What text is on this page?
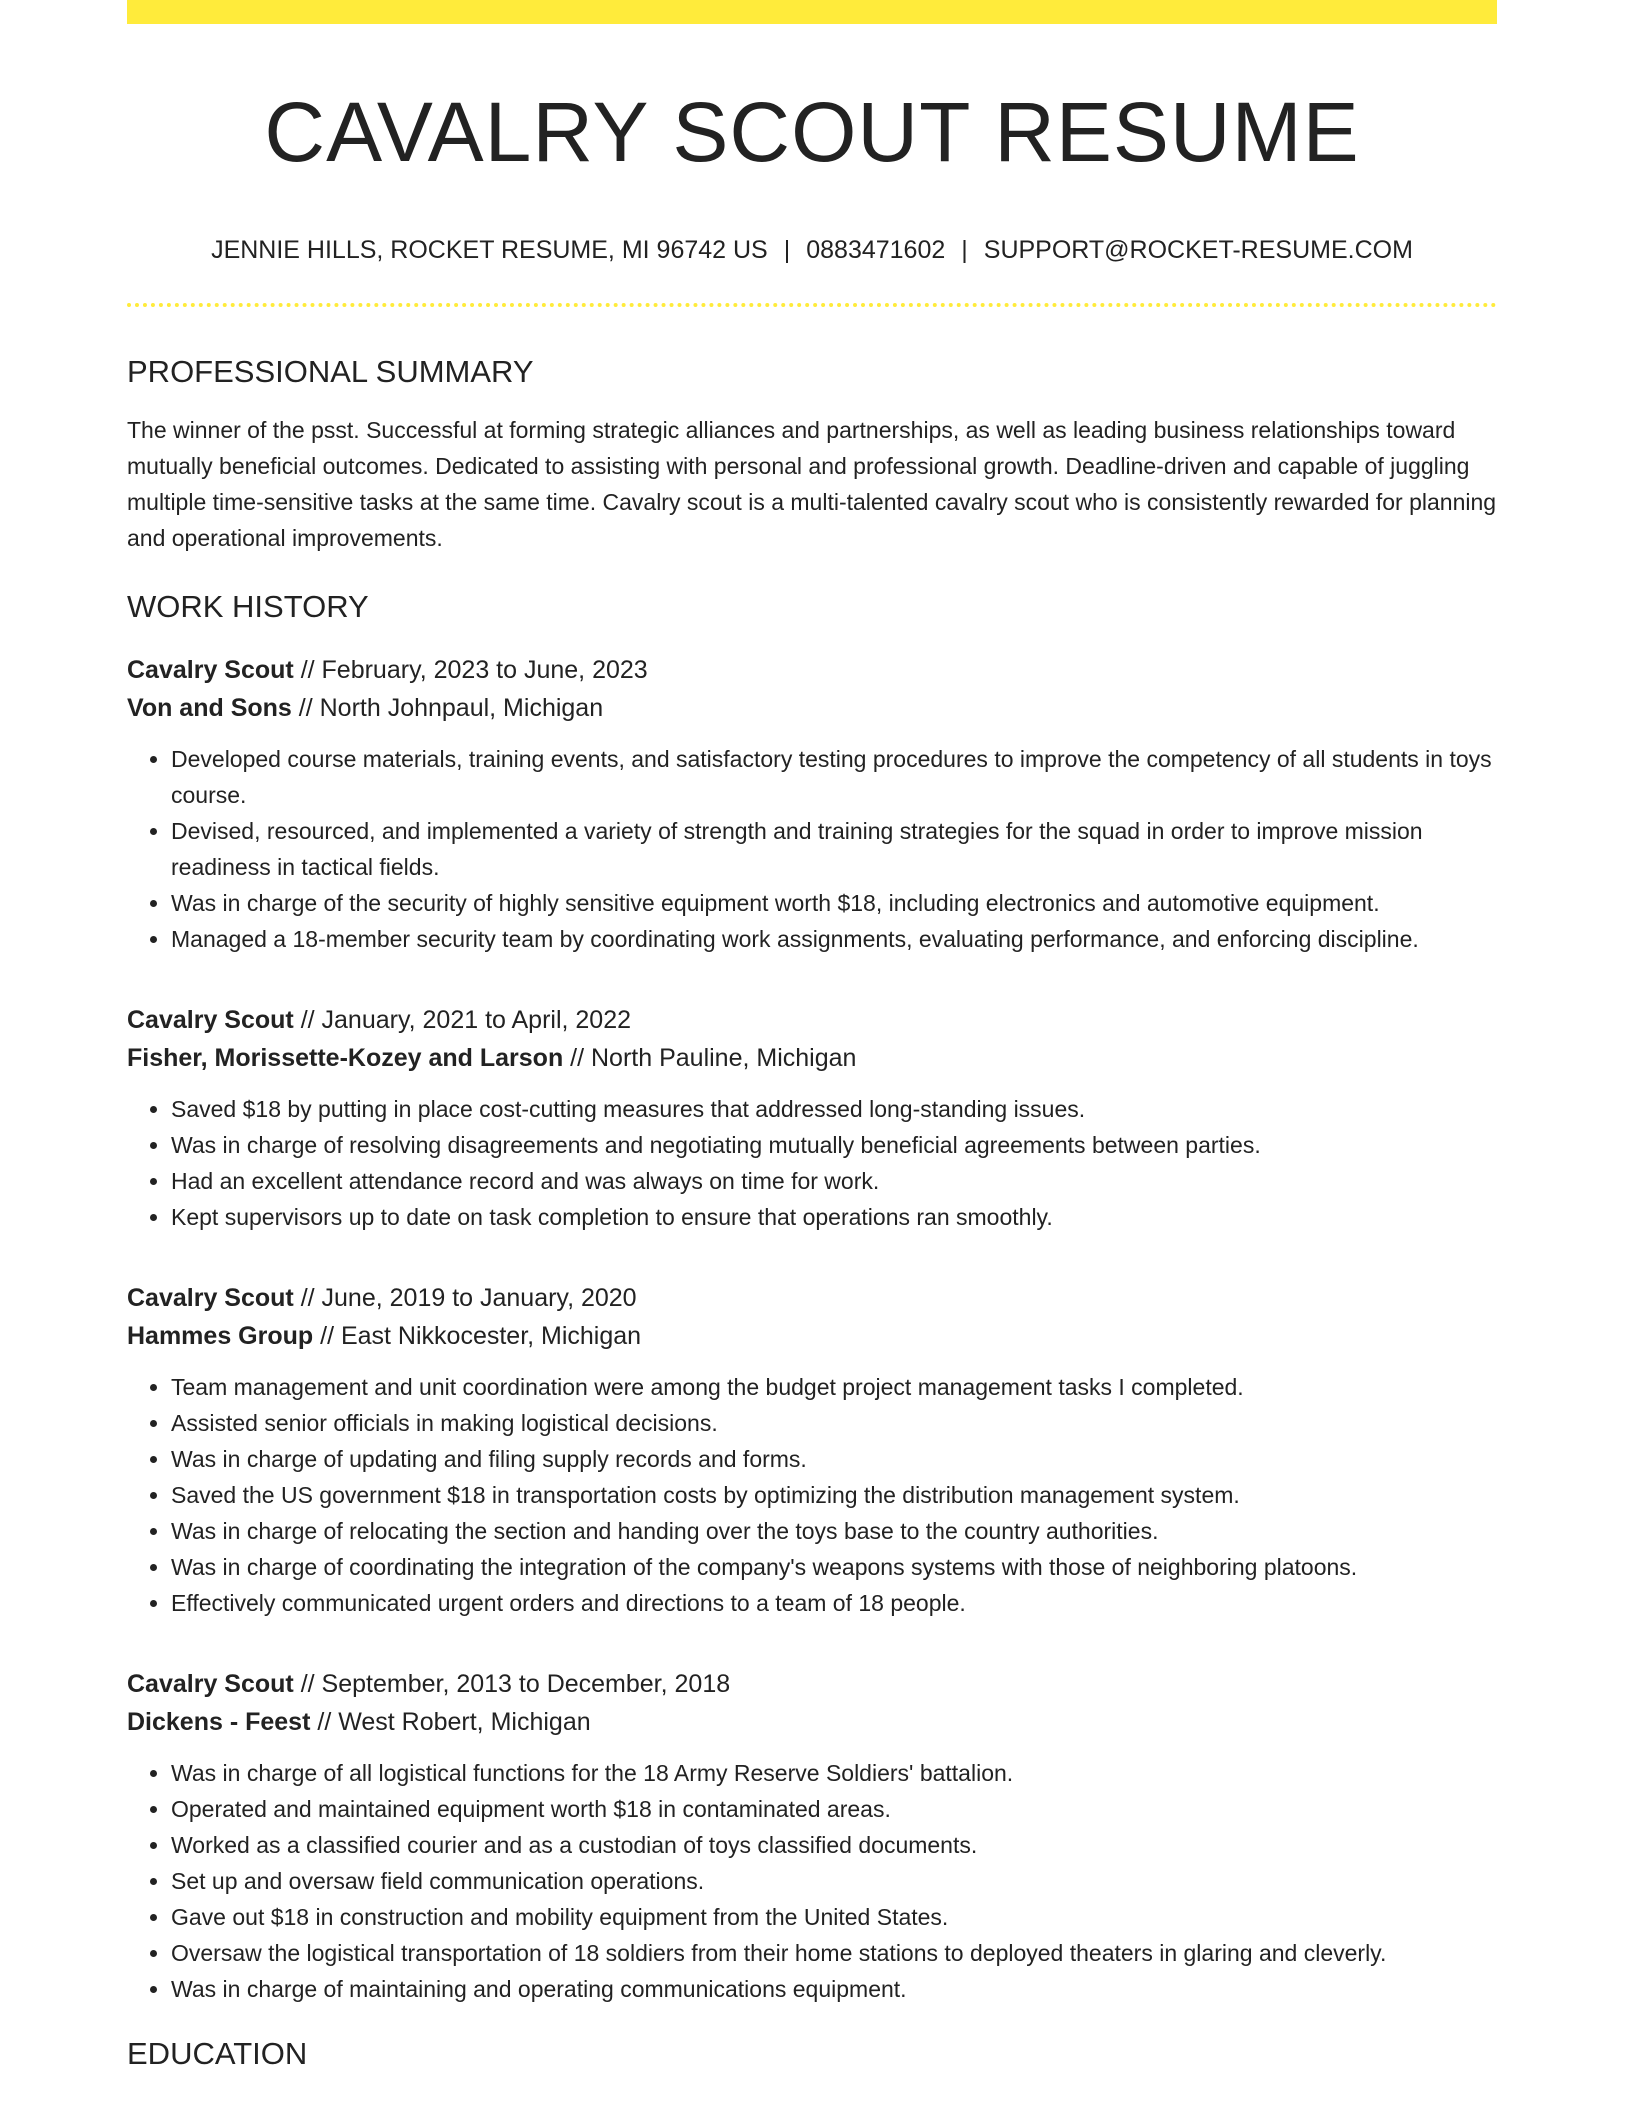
CAVALRY SCOUT RESUME
JENNIE HILLS, ROCKET RESUME, MI 96742 US | 0883471602 | SUPPORT@ROCKET-RESUME.COM
PROFESSIONAL SUMMARY

The winner of the psst. Successful at forming strategic alliances and partnerships, as well as leading business relationships toward mutually beneficial outcomes. Dedicated to assisting with personal and professional growth. Deadline-driven and capable of juggling multiple time-sensitive tasks at the same time. Cavalry scout is a multi-talented cavalry scout who is consistently rewarded for planning and operational improvements.

WORK HISTORY
Cavalry Scout // February, 2023 to June, 2023
Von and Sons // North Johnpaul, Michigan
• Developed course materials, training events, and satisfactory testing procedures to improve the competency of all students in toys course.
• Devised, resourced, and implemented a variety of strength and training strategies for the squad in order to improve mission readiness in tactical fields.
• Was in charge of the security of highly sensitive equipment worth $18, including electronics and automotive equipment.
• Managed a 18-member security team by coordinating work assignments, evaluating performance, and enforcing discipline.
Cavalry Scout // January, 2021 to April, 2022
Fisher, Morissette-Kozey and Larson // North Pauline, Michigan
• Saved $18 by putting in place cost-cutting measures that addressed long-standing issues.
• Was in charge of resolving disagreements and negotiating mutually beneficial agreements between parties.
• Had an excellent attendance record and was always on time for work.
• Kept supervisors up to date on task completion to ensure that operations ran smoothly.
Cavalry Scout // June, 2019 to January, 2020
Hammes Group // East Nikkocester, Michigan
• Team management and unit coordination were among the budget project management tasks I completed.
• Assisted senior officials in making logistical decisions.
• Was in charge of updating and filing supply records and forms.
• Saved the US government $18 in transportation costs by optimizing the distribution management system.
• Was in charge of relocating the section and handing over the toys base to the country authorities.
• Was in charge of coordinating the integration of the company's weapons systems with those of neighboring platoons.
• Effectively communicated urgent orders and directions to a team of 18 people.
Cavalry Scout // September, 2013 to December, 2018
Dickens - Feest // West Robert, Michigan
• Was in charge of all logistical functions for the 18 Army Reserve Soldiers' battalion.
• Operated and maintained equipment worth $18 in contaminated areas.
• Worked as a classified courier and as a custodian of toys classified documents.
• Set up and oversaw field communication operations.
• Gave out $18 in construction and mobility equipment from the United States.
• Oversaw the logistical transportation of 18 soldiers from their home stations to deployed theaters in glaring and cleverly.
• Was in charge of maintaining and operating communications equipment.
EDUCATION
